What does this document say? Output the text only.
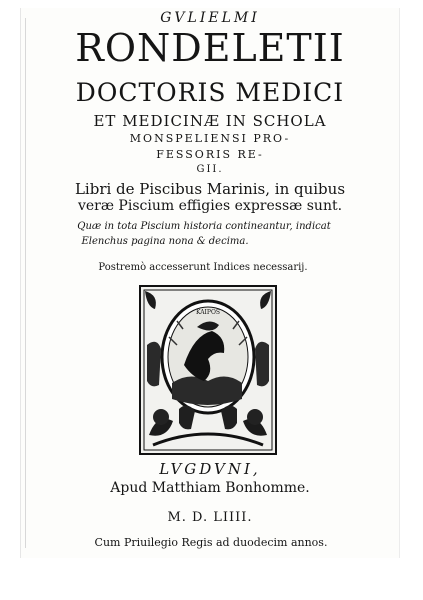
GVLIELMI
RONDELETII
DOCTORIS MEDICI
ET MEDICINÆ IN SCHOLA
MONSPELIENSI PRO-
FESSORIS RE-
GII.
Libri de Piscibus Marinis, in quibus
veræ Piscium effigies expressæ sunt.
Quæ in tota Piscium historia contineantur, indicat
Elenchus pagina nona & decima.
Postremò accesserunt Indices necessarij.
KAIPOS
LVGDVNI,
Apud Matthiam Bonhomme.
M. D. LIIII.
Cum Priuilegio Regis ad duodecim annos.
